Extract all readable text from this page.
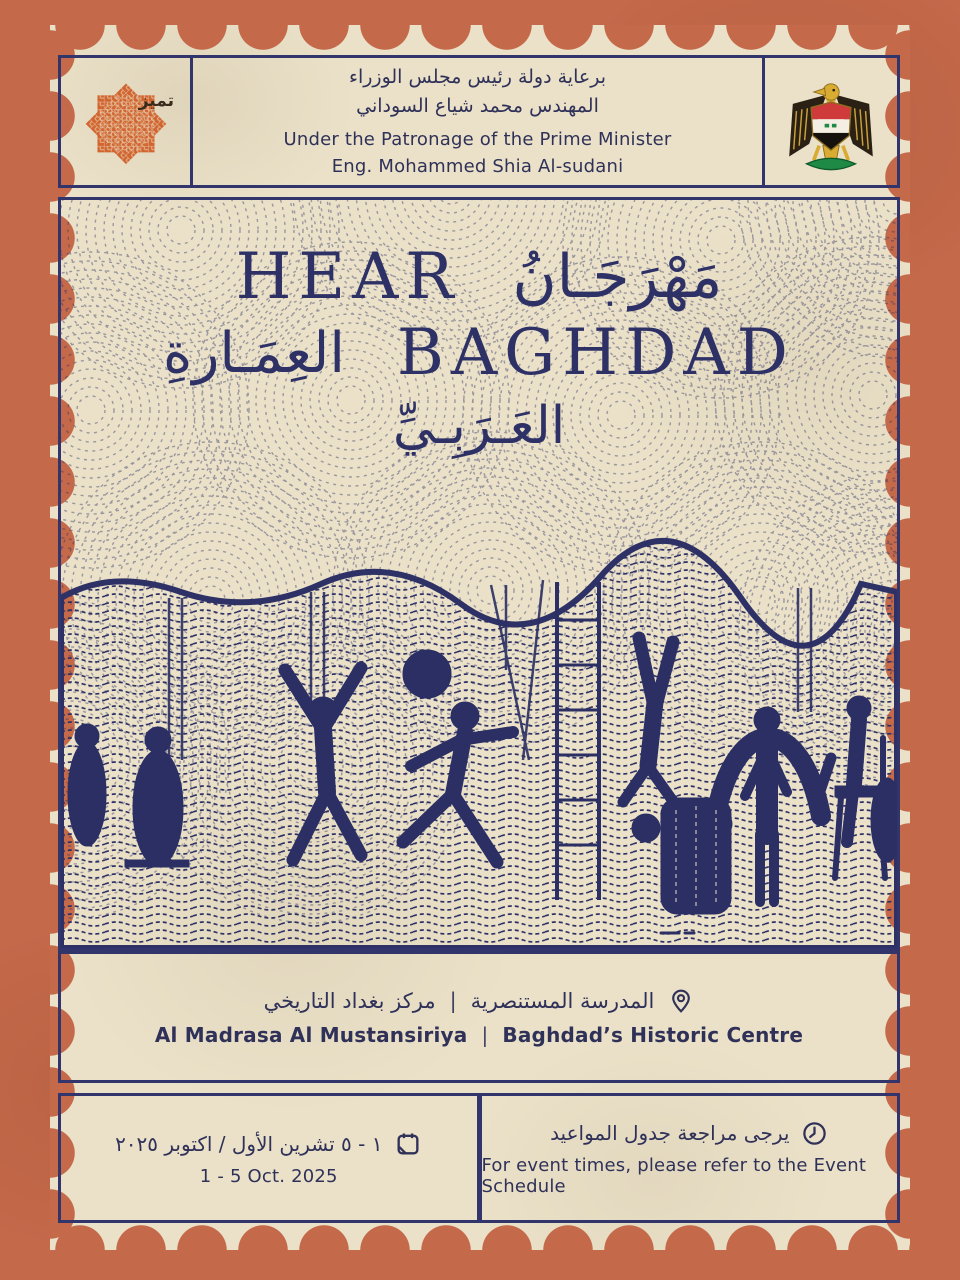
تميز
برعاية دولة رئيس مجلس الوزراء
المهندس محمد شياع السوداني
Under the Patronage of the Prime Minister
Eng. Mohammed Shia Al-sudani
HEAR مَهْرَجَـانُ
العِمَـارةِ BAGHDAD
العَـرَبِـيِّ
المدرسة المستنصرية
|
مركز بغداد التاريخي
Al Madrasa Al Mustansiriya | Baghdad’s Historic Centre
١ - ٥ تشرين الأول / اكتوبر ٢٠٢٥
1 - 5 Oct. 2025
يرجى مراجعة جدول المواعيد
For event times, please refer to the Event Schedule
